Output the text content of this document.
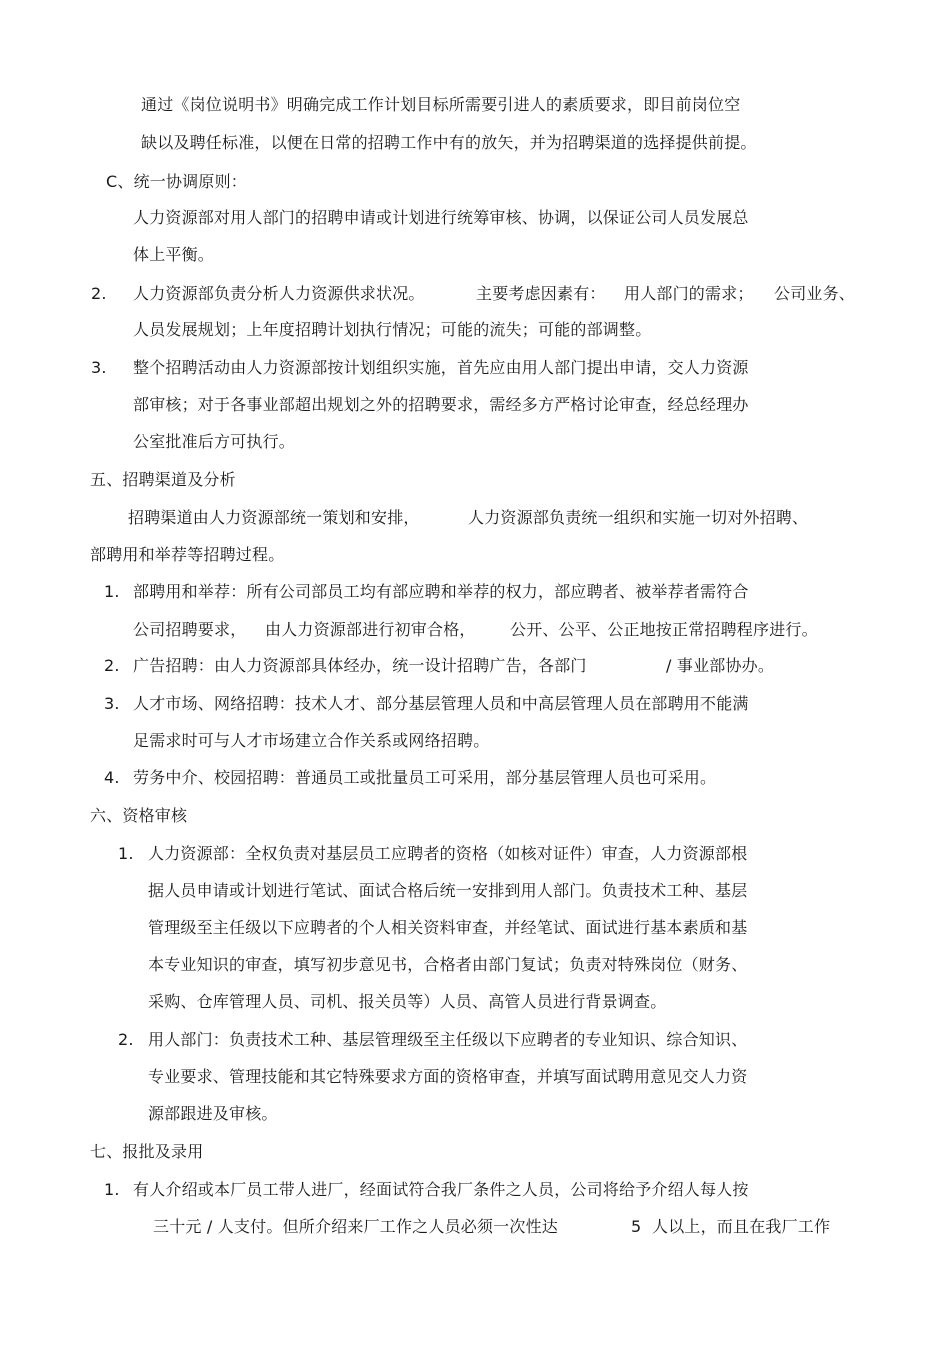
通过《岗位说明书》明确完成工作计划目标所需要引进人的素质要求，即目前岗位空
缺以及聘任标准，以便在日常的招聘工作中有的放矢，并为招聘渠道的选择提供前提。
C、统一协调原则：
人力资源部对用人部门的招聘申请或计划进行统筹审核、协调，以保证公司人员发展总
体上平衡。
2. 人力资源部负责分析人力资源供求状况。	主要考虑因素有： 用人部门的需求； 公司业务、
人员发展规划；上年度招聘计划执行情况；可能的流失；可能的部调整。
3. 整个招聘活动由人力资源部按计划组织实施，首先应由用人部门提出申请，交人力资源
部审核；对于各事业部超出规划之外的招聘要求，需经多方严格讨论审查，经总经理办
公室批准后方可执行。
五、招聘渠道及分析
招聘渠道由人力资源部统一策划和安排，	人力资源部负责统一组织和实施一切对外招聘、
部聘用和举荐等招聘过程。
1. 部聘用和举荐：所有公司部员工均有部应聘和举荐的权力，部应聘者、被举荐者需符合
公司招聘要求， 由人力资源部进行初审合格， 公开、公平、公正地按正常招聘程序进行。
2. 广告招聘：由人力资源部具体经办，统一设计招聘广告，各部门	/ 事业部协办。
3. 人才市场、网络招聘：技术人才、部分基层管理人员和中高层管理人员在部聘用不能满
足需求时可与人才市场建立合作关系或网络招聘。
4. 劳务中介、校园招聘：普通员工或批量员工可采用，部分基层管理人员也可采用。
六、资格审核
1. 人力资源部：全权负责对基层员工应聘者的资格（如核对证件）审查，人力资源部根
据人员申请或计划进行笔试、面试合格后统一安排到用人部门。负责技术工种、基层
管理级至主任级以下应聘者的个人相关资料审查，并经笔试、面试进行基本素质和基
本专业知识的审查，填写初步意见书，合格者由部门复试；负责对特殊岗位（财务、
采购、仓库管理人员、司机、报关员等）人员、高管人员进行背景调查。
2. 用人部门：负责技术工种、基层管理级至主任级以下应聘者的专业知识、综合知识、
专业要求、管理技能和其它特殊要求方面的资格审查，并填写面试聘用意见交人力资
源部跟进及审核。
七、报批及录用
1. 有人介绍或本厂员工带人进厂，经面试符合我厂条件之人员，公司将给予介绍人每人按
三十元 / 人支付。但所介绍来厂工作之人员必须一次性达	5 人以上，而且在我厂工作
